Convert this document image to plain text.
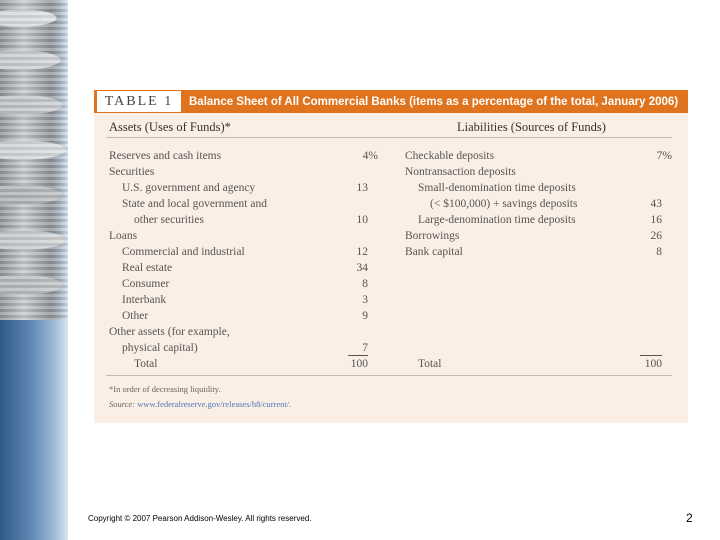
TABLE 1	Balance Sheet of All Commercial Banks (items as a percentage of the total, January 2006)
Assets (Uses of Funds)*	Liabilities (Sources of Funds)
Reserves and cash items	4%
Securities
U.S. government and agency	13
State and local government and
other securities	10
Loans
Commercial and industrial	12
Real estate	34
Consumer	8
Interbank	3
Other	9
Other assets (for example,
physical capital)	7
Total	100
Checkable deposits	7%
Nontransaction deposits
Small-denomination time deposits
(< $100,000) + savings deposits	43
Large-denomination time deposits	16
Borrowings	26
Bank capital	8
Total	100
*In order of decreasing liquidity.
Source: www.federalreserve.gov/releases/h8/current/.
Copyright © 2007 Pearson Addison-Wesley. All rights reserved.	2
